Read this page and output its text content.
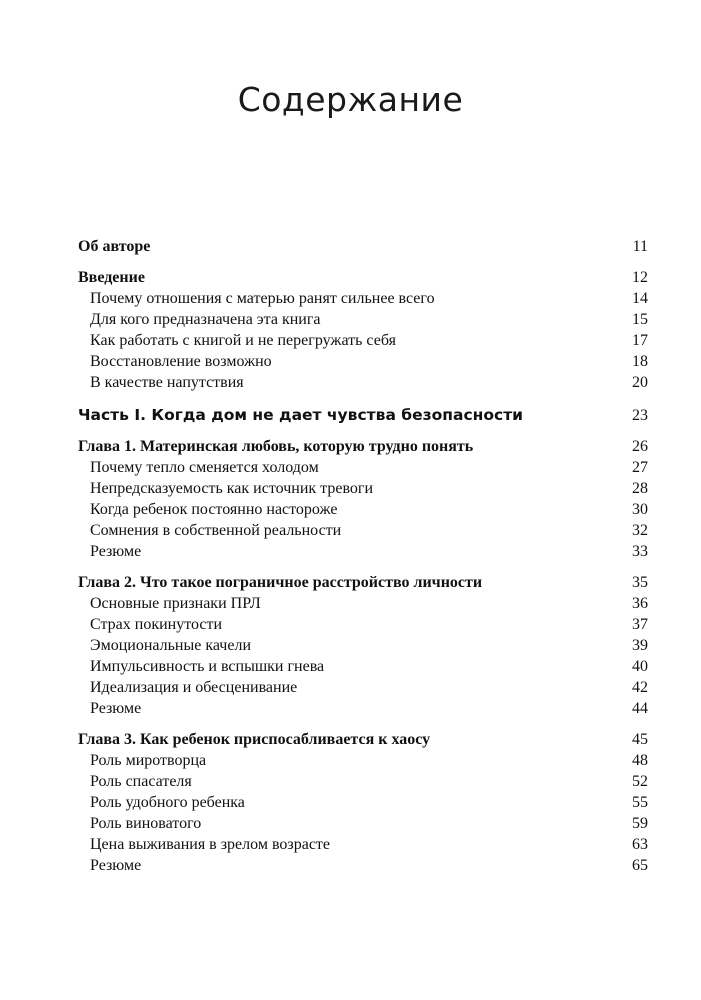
Содержание
Об авторе	11
Введение	12
Почему отношения с матерью ранят сильнее всего	14
Для кого предназначена эта книга	15
Как работать с книгой и не перегружать себя	17
Восстановление возможно	18
В качестве напутствия	20
Часть I. Когда дом не дает чувства безопасности	23
Глава 1. Материнская любовь, которую трудно понять	26
Почему тепло сменяется холодом	27
Непредсказуемость как источник тревоги	28
Когда ребенок постоянно настороже	30
Сомнения в собственной реальности	32
Резюме	33
Глава 2. Что такое пограничное расстройство личности	35
Основные признаки ПРЛ	36
Страх покинутости	37
Эмоциональные качели	39
Импульсивность и вспышки гнева	40
Идеализация и обесценивание	42
Резюме	44
Глава 3. Как ребенок приспосабливается к хаосу	45
Роль миротворца	48
Роль спасателя	52
Роль удобного ребенка	55
Роль виноватого	59
Цена выживания в зрелом возрасте	63
Резюме	65
